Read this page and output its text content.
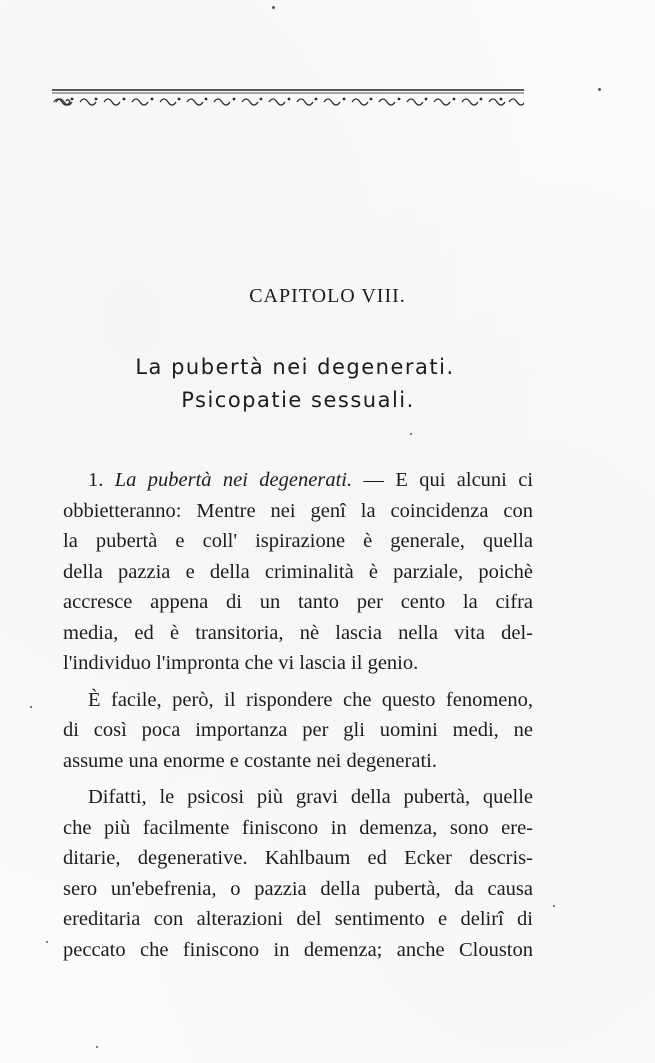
CAPITOLO VIII.
La pubertà nei degenerati.
Psicopatie sessuali.
1. La pubertà nei degenerati. — E qui alcuni ci
obbietteranno: Mentre nei genî la coincidenza con
la pubertà e coll' ispirazione è generale, quella
della pazzia e della criminalità è parziale, poichè
accresce appena di un tanto per cento la cifra
media, ed è transitoria, nè lascia nella vita del-
l'individuo l'impronta che vi lascia il genio.
È facile, però, il rispondere che questo fenomeno,
di così poca importanza per gli uomini medi, ne
assume una enorme e costante nei degenerati.
Difatti, le psicosi più gravi della pubertà, quelle
che più facilmente finiscono in demenza, sono ere-
ditarie, degenerative. Kahlbaum ed Ecker descris-
sero un'ebefrenia, o pazzia della pubertà, da causa
ereditaria con alterazioni del sentimento e delirî di
peccato che finiscono in demenza; anche Clouston
